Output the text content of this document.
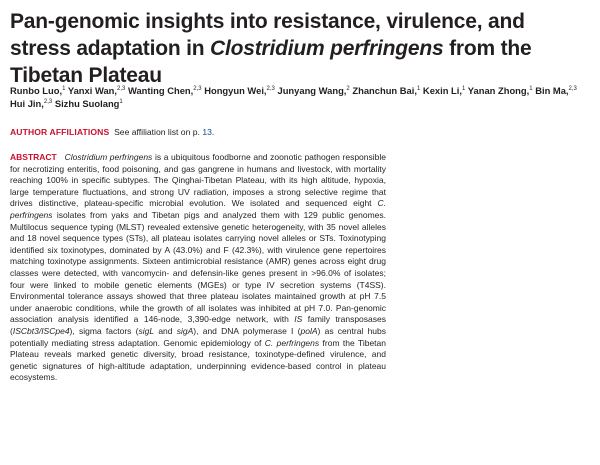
Pan-genomic insights into resistance, virulence, and stress adaptation in Clostridium perfringens from the Tibetan Plateau
Runbo Luo,$^1$ Yanxi Wan,$^{2,3}$ Wanting Chen,$^{2,3}$ Hongyun Wei,$^{2,3}$ Junyang Wang,$^2$ Zhanchun Bai,$^1$ Kexin Li,$^1$ Yanan Zhong,$^1$ Bin Ma,$^{2,3}$ Hui Jin,$^{2,3}$ Sizhu Suolang$^1$
AUTHOR AFFILIATIONS See affiliation list on p. 13.
ABSTRACT Clostridium perfringens is a ubiquitous foodborne and zoonotic pathogen responsible for necrotizing enteritis, food poisoning, and gas gangrene in humans and livestock, with mortality reaching 100% in specific subtypes. The Qinghai-Tibetan Plateau, with its high altitude, hypoxia, large temperature fluctuations, and strong UV radiation, imposes a strong selective regime that drives distinctive, plateau-specific microbial evolution. We isolated and sequenced eight C. perfringens isolates from yaks and Tibetan pigs and analyzed them with 129 public genomes. Multilocus sequence typing (MLST) revealed extensive genetic heterogeneity, with 35 novel alleles and 18 novel sequence types (STs), all plateau isolates carrying novel alleles or STs. Toxinotyping identified six toxinotypes, dominated by A (43.0%) and F (42.3%), with virulence gene repertoires matching toxinotype assignments. Sixteen antimicrobial resistance (AMR) genes across eight drug classes were detected, with vancomycin- and defensin-like genes present in >96.0% of isolates; four were linked to mobile genetic elements (MGEs) or type IV secretion systems (T4SS). Environmental tolerance assays showed that three plateau isolates maintained growth at pH 7.5 under anaerobic conditions, while the growth of all isolates was inhibited at pH 7.0. Pan-genomic association analysis identified a 146-node, 3,390-edge network, with IS family transposases (ISCbt3/ISCpe4), sigma factors (sigL and sigA), and DNA polymerase I (polA) as central hubs potentially mediating stress adaptation. Genomic epidemiology of C. perfringens from the Tibetan Plateau reveals marked genetic diversity, broad resistance, toxinotype-defined virulence, and genetic signatures of high-altitude adaptation, underpinning evidence-based control in plateau ecosystems.
